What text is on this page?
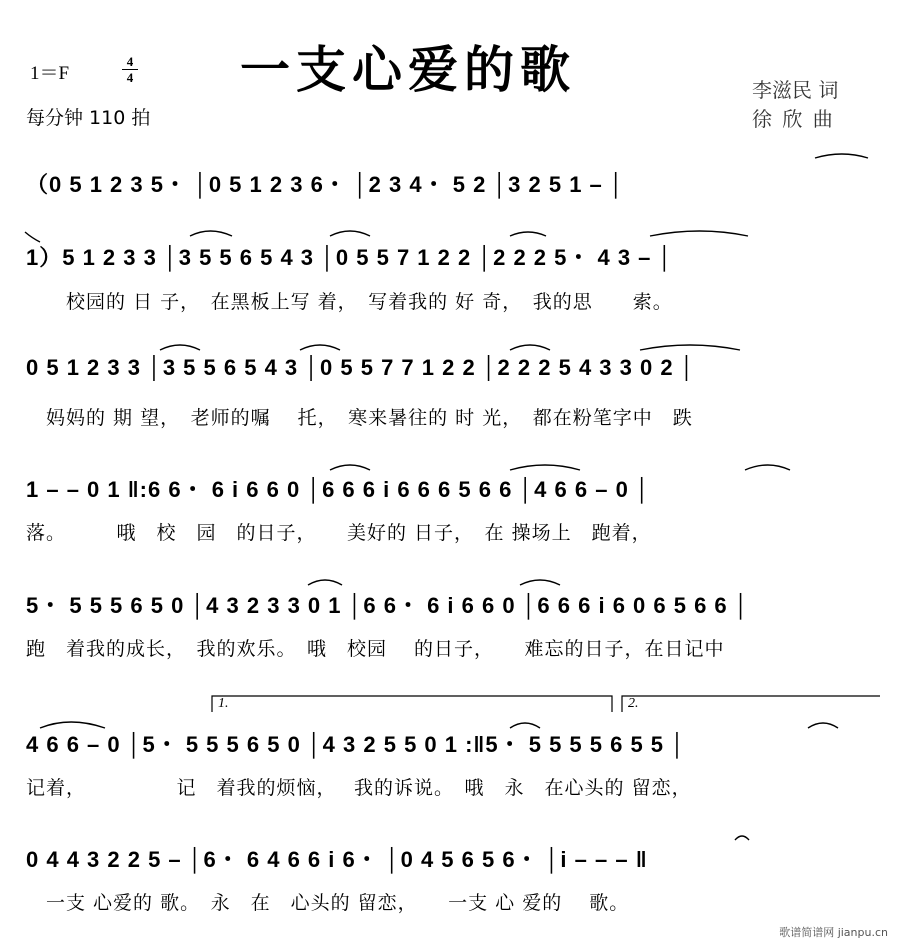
一支心爱的歌
1＝F
4
4
每分钟 110 拍
李滋民 词
徐 欣 曲
1.	2.
（0 5 1 2 3 5・ │0 5 1 2 3 6・ │2 3 4・ 5 2 │3 2 5 1 – │
1）5 1 2 3 3 │3 5 5 6 5 4 3 │0 5 5 7 1 2 2 │2 2 2 5・ 4 3 – │
　　校园的 日 子，　在黑板上写 着，　写着我的 好 奇，　我的思　　索。
0 5 1 2 3 3 │3 5 5 6 5 4 3 │0 5 5 7 7 1 2 2 │2 2 2 5 4 3 3 0 2 │
　妈妈的 期 望，　老师的嘱　 托，　寒来暑往的 时 光，　都在粉笔字中　跌
1 – – 0 1 ‖:6 6・ 6 i 6 6 0 │6 6 6 i 6 6 6 5 6 6 │4 6 6 – 0 │
落。　　　哦　校　园　的日子，　　美好的 日子，　在 操场上　跑着，
5・ 5 5 5 6 5 0 │4 3 2 3 3 0 1 │6 6・ 6 i 6 6 0 │6 6 6 i 6 0 6 5 6 6 │
跑　着我的成长，　我的欢乐。　哦　校园　 的日子，　　难忘的日子，在日记中
4 6 6 – 0 │5・ 5 5 5 6 5 0 │4 3 2 5 5 0 1 :‖5・ 5 5 5 5 6 5 5 │
记着，　　　　　记　着我的烦恼，　 我的诉说。　哦　永　在心头的 留恋，
0 4 4 3 2 2 5 – │6・ 6 4 6 6 i 6・ │0 4 5 6 5 6・ │i – – – ‖
　一支 心爱的 歌。　永　在　心头的 留恋，　　一支 心 爱的　 歌。
歌谱简谱网 jianpu.cn
